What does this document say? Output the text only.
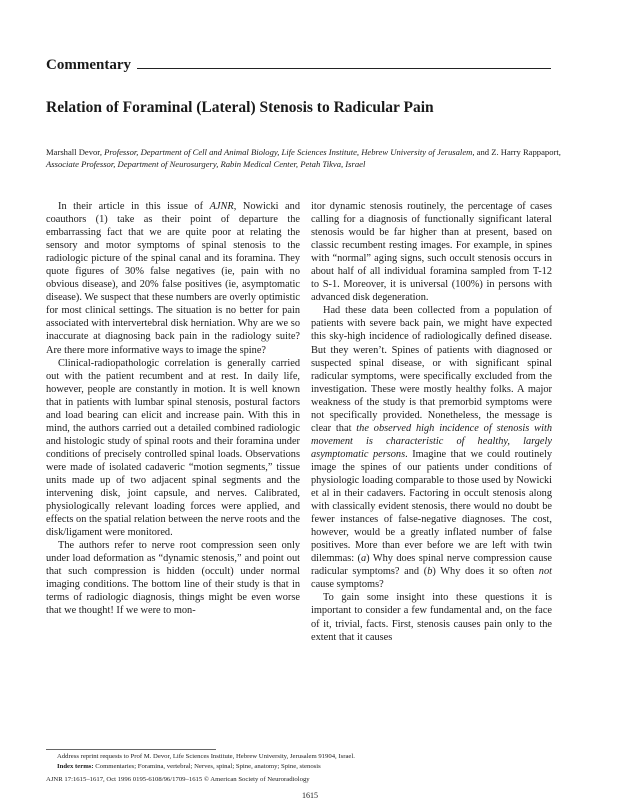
Commentary
Relation of Foraminal (Lateral) Stenosis to Radicular Pain
Marshall Devor, Professor, Department of Cell and Animal Biology, Life Sciences Institute, Hebrew University of Jerusalem, and Z. Harry Rappaport, Associate Professor, Department of Neurosurgery, Rabin Medical Center, Petah Tikva, Israel

In their article in this issue of AJNR, Nowicki and coauthors (1) take as their point of departure the embarrassing fact that we are quite poor at relating the sensory and motor symptoms of spinal stenosis to the radiologic picture of the spinal canal and its foramina. They quote figures of 30% false negatives (ie, pain with no obvious disease), and 20% false positives (ie, asymptomatic disease). We suspect that these numbers are overly optimistic for most clinical settings. The situation is no better for pain associated with intervertebral disk herniation. Why are we so inaccurate at diagnosing back pain in the radiology suite? Are there more informative ways to image the spine?

Clinical-radiopathologic correlation is generally carried out with the patient recumbent and at rest. In daily life, however, people are constantly in motion. It is well known that in patients with lumbar spinal stenosis, postural factors and load bearing can elicit and increase pain. With this in mind, the authors carried out a detailed combined radiologic and histologic study of spinal roots and their foramina under conditions of precisely controlled spinal loads. Observations were made of isolated cadaveric “motion segments,” tissue units made up of two adjacent spinal segments and the intervening disk, joint capsule, and nerves. Calibrated, physiologically relevant loading forces were applied, and effects on the spatial relation between the nerve roots and the disk/ligament were monitored.

The authors refer to nerve root compression seen only under load deformation as “dynamic stenosis,” and point out that such compression is hidden (occult) under normal imaging conditions. The bottom line of their study is that in terms of radiologic diagnosis, things might be even worse that we thought! If we were to mon-

itor dynamic stenosis routinely, the percentage of cases calling for a diagnosis of functionally significant lateral stenosis would be far higher than at present, based on classic recumbent resting images. For example, in spines with “normal” aging signs, such occult stenosis occurs in about half of all individual foramina sampled from T-12 to S-1. Moreover, it is universal (100%) in persons with advanced disk degeneration.

Had these data been collected from a population of patients with severe back pain, we might have expected this sky-high incidence of radiologically defined disease. But they weren’t. Spines of patients with diagnosed or suspected spinal disease, or with significant spinal radicular symptoms, were specifically excluded from the investigation. These were mostly healthy folks. A major weakness of the study is that premorbid symptoms were not specifically provided. Nonetheless, the message is clear that the observed high incidence of stenosis with movement is characteristic of healthy, largely asymptomatic persons. Imagine that we could routinely image the spines of our patients under conditions of physiologic loading comparable to those used by Nowicki et al in their cadavers. Factoring in occult stenosis along with classically evident stenosis, there would no doubt be fewer instances of false-negative diagnoses. The cost, however, would be a greatly inflated number of false positives. More than ever before we are left with twin dilemmas: (a) Why does spinal nerve compression cause radicular symptoms? and (b) Why does it so often not cause symptoms?

To gain some insight into these questions it is important to consider a few fundamental and, on the face of it, trivial, facts. First, stenosis causes pain only to the extent that it causes

Address reprint requests to Prof M. Devor, Life Sciences Institute, Hebrew University, Jerusalem 91904, Israel.
Index terms: Commentaries; Foramina, vertebral; Nerves, spinal; Spine, anatomy; Spine, stenosis
AJNR 17:1615–1617, Oct 1996 0195-6108/96/1709–1615 © American Society of Neuroradiology
1615
